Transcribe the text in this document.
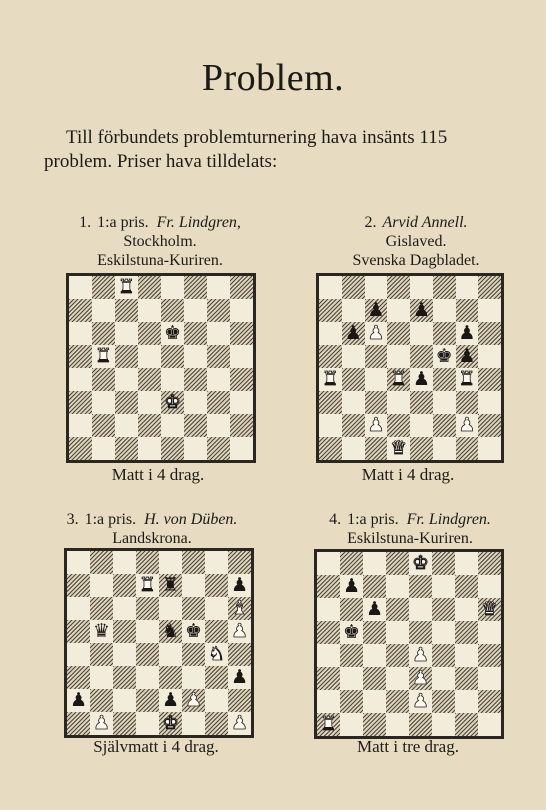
Problem.
Till förbundets problemturnering hava insänts 115
problem. Priser hava tilldelats:
1. 1:a pris. Fr. Lindgren,
Stockholm.
Eskilstuna-Kuriren.
♜
♚
♜
♚
Matt i 4 drag.
2. Arvid Annell.
Gislaved.
Svenska Dagbladet.
♟ ♟
♟ ♟	♟
♚ ♟
♜	♜ ♟ ♜
♟	♟
♛
Matt i 4 drag.
3. 1:a pris. H. von Düben.
Landskrona.
♜ ♜	♟
♝
♛	♞ ♚ ♟
♞
♟
♟	♟ ♟
♟	♚	♟
Självmatt i 4 drag.
4. 1:a pris. Fr. Lindgren.
Eskilstuna-Kuriren.
♚
♟
♟	♛
♚
♟
♟
♟
♜
Matt i tre drag.
